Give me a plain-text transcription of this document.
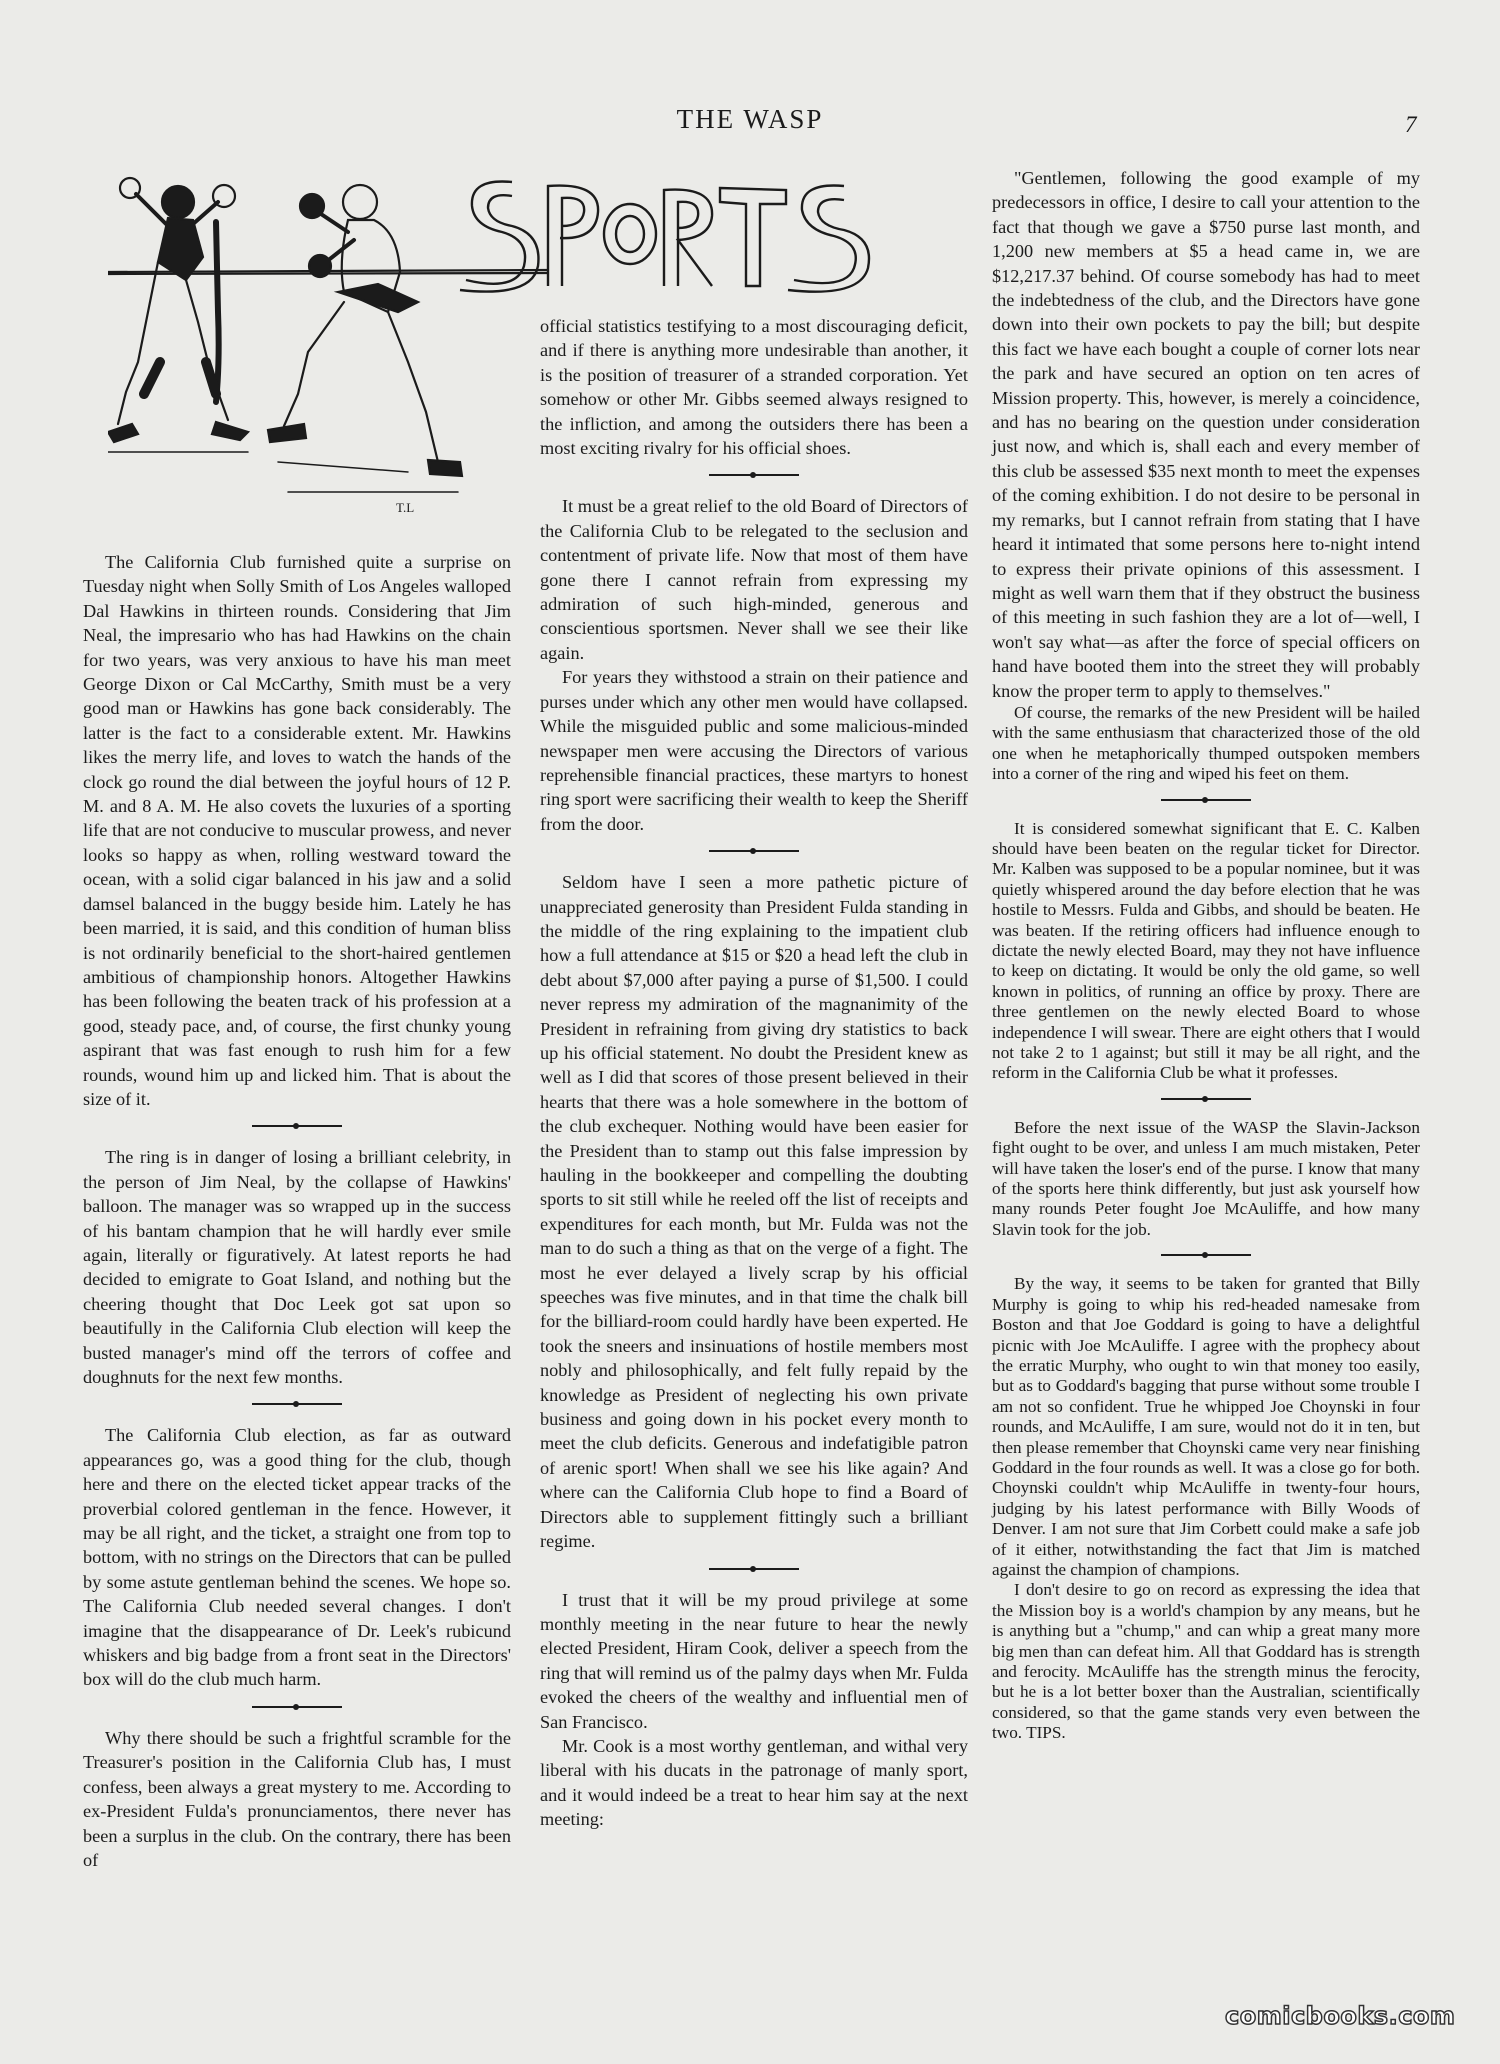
THE WASP	7
T.L

The California Club furnished quite a surprise on Tuesday night when Solly Smith of Los Angeles walloped Dal Hawkins in thirteen rounds. Considering that Jim Neal, the impresario who has had Hawkins on the chain for two years, was very anxious to have his man meet George Dixon or Cal McCarthy, Smith must be a very good man or Hawkins has gone back considerably. The latter is the fact to a considerable extent. Mr. Hawkins likes the merry life, and loves to watch the hands of the clock go round the dial between the joyful hours of 12 P. M. and 8 A. M. He also covets the luxuries of a sporting life that are not conducive to muscular prowess, and never looks so happy as when, rolling westward toward the ocean, with a solid cigar balanced in his jaw and a solid damsel balanced in the buggy beside him. Lately he has been married, it is said, and this condition of human bliss is not ordinarily beneficial to the short-haired gentlemen ambitious of championship honors. Altogether Hawkins has been following the beaten track of his profession at a good, steady pace, and, of course, the first chunky young aspirant that was fast enough to rush him for a few rounds, wound him up and licked him. That is about the size of it.

The ring is in danger of losing a brilliant celebrity, in the person of Jim Neal, by the collapse of Hawkins' balloon. The manager was so wrapped up in the success of his bantam champion that he will hardly ever smile again, literally or figuratively. At latest reports he had decided to emigrate to Goat Island, and nothing but the cheering thought that Doc Leek got sat upon so beautifully in the California Club election will keep the busted manager's mind off the terrors of coffee and doughnuts for the next few months.

The California Club election, as far as outward appearances go, was a good thing for the club, though here and there on the elected ticket appear tracks of the proverbial colored gentleman in the fence. However, it may be all right, and the ticket, a straight one from top to bottom, with no strings on the Directors that can be pulled by some astute gentleman behind the scenes. We hope so. The California Club needed several changes. I don't imagine that the disappearance of Dr. Leek's rubicund whiskers and big badge from a front seat in the Directors' box will do the club much harm.

Why there should be such a frightful scramble for the Treasurer's position in the California Club has, I must confess, been always a great mystery to me. According to ex-President Fulda's pronunciamentos, there never has been a surplus in the club. On the contrary, there has been of

official statistics testifying to a most discouraging deficit, and if there is anything more undesirable than another, it is the position of treasurer of a stranded corporation. Yet somehow or other Mr. Gibbs seemed always resigned to the infliction, and among the outsiders there has been a most exciting rivalry for his official shoes.

It must be a great relief to the old Board of Directors of the California Club to be relegated to the seclusion and contentment of private life. Now that most of them have gone there I cannot refrain from expressing my admiration of such high-minded, generous and conscientious sportsmen. Never shall we see their like again.

For years they withstood a strain on their patience and purses under which any other men would have collapsed. While the misguided public and some malicious-minded newspaper men were accusing the Directors of various reprehensible financial practices, these martyrs to honest ring sport were sacrificing their wealth to keep the Sheriff from the door.

Seldom have I seen a more pathetic picture of unappreciated generosity than President Fulda standing in the middle of the ring explaining to the impatient club how a full attendance at $15 or $20 a head left the club in debt about $7,000 after paying a purse of $1,500. I could never repress my admiration of the magnanimity of the President in refraining from giving dry statistics to back up his official statement. No doubt the President knew as well as I did that scores of those present believed in their hearts that there was a hole somewhere in the bottom of the club exchequer. Nothing would have been easier for the President than to stamp out this false impression by hauling in the bookkeeper and compelling the doubting sports to sit still while he reeled off the list of receipts and expenditures for each month, but Mr. Fulda was not the man to do such a thing as that on the verge of a fight. The most he ever delayed a lively scrap by his official speeches was five minutes, and in that time the chalk bill for the billiard-room could hardly have been experted. He took the sneers and insinuations of hostile members most nobly and philosophically, and felt fully repaid by the knowledge as President of neglecting his own private business and going down in his pocket every month to meet the club deficits. Generous and indefatigible patron of arenic sport! When shall we see his like again? And where can the California Club hope to find a Board of Directors able to supplement fittingly such a brilliant regime.

I trust that it will be my proud privilege at some monthly meeting in the near future to hear the newly elected President, Hiram Cook, deliver a speech from the ring that will remind us of the palmy days when Mr. Fulda evoked the cheers of the wealthy and influential men of San Francisco.

Mr. Cook is a most worthy gentleman, and withal very liberal with his ducats in the patronage of manly sport, and it would indeed be a treat to hear him say at the next meeting:

"Gentlemen, following the good example of my predecessors in office, I desire to call your attention to the fact that though we gave a $750 purse last month, and 1,200 new members at $5 a head came in, we are $12,217.37 behind. Of course somebody has had to meet the indebtedness of the club, and the Directors have gone down into their own pockets to pay the bill; but despite this fact we have each bought a couple of corner lots near the park and have secured an option on ten acres of Mission property. This, however, is merely a coincidence, and has no bearing on the question under consideration just now, and which is, shall each and every member of this club be assessed $35 next month to meet the expenses of the coming exhibition. I do not desire to be personal in my remarks, but I cannot refrain from stating that I have heard it intimated that some persons here to-night intend to express their private opinions of this assessment. I might as well warn them that if they obstruct the business of this meeting in such fashion they are a lot of—well, I won't say what—as after the force of special officers on hand have booted them into the street they will probably know the proper term to apply to themselves."

Of course, the remarks of the new President will be hailed with the same enthusiasm that characterized those of the old one when he metaphorically thumped outspoken members into a corner of the ring and wiped his feet on them.

It is considered somewhat significant that E. C. Kalben should have been beaten on the regular ticket for Director. Mr. Kalben was supposed to be a popular nominee, but it was quietly whispered around the day before election that he was hostile to Messrs. Fulda and Gibbs, and should be beaten. He was beaten. If the retiring officers had influence enough to dictate the newly elected Board, may they not have influence to keep on dictating. It would be only the old game, so well known in politics, of running an office by proxy. There are three gentlemen on the newly elected Board to whose independence I will swear. There are eight others that I would not take 2 to 1 against; but still it may be all right, and the reform in the California Club be what it professes.

Before the next issue of the WASP the Slavin-Jackson fight ought to be over, and unless I am much mistaken, Peter will have taken the loser's end of the purse. I know that many of the sports here think differently, but just ask yourself how many rounds Peter fought Joe McAuliffe, and how many Slavin took for the job.

By the way, it seems to be taken for granted that Billy Murphy is going to whip his red-headed namesake from Boston and that Joe Goddard is going to have a delightful picnic with Joe McAuliffe. I agree with the prophecy about the erratic Murphy, who ought to win that money too easily, but as to Goddard's bagging that purse without some trouble I am not so confident. True he whipped Joe Choynski in four rounds, and McAuliffe, I am sure, would not do it in ten, but then please remember that Choynski came very near finishing Goddard in the four rounds as well. It was a close go for both. Choynski couldn't whip McAuliffe in twenty-four hours, judging by his latest performance with Billy Woods of Denver. I am not sure that Jim Corbett could make a safe job of it either, notwithstanding the fact that Jim is matched against the champion of champions.

I don't desire to go on record as expressing the idea that the Mission boy is a world's champion by any means, but he is anything but a "chump," and can whip a great many more big men than can defeat him. All that Goddard has is strength and ferocity. McAuliffe has the strength minus the ferocity, but he is a lot better boxer than the Australian, scientifically considered, so that the game stands very even between the two. TIPS.

comicbooks.com
